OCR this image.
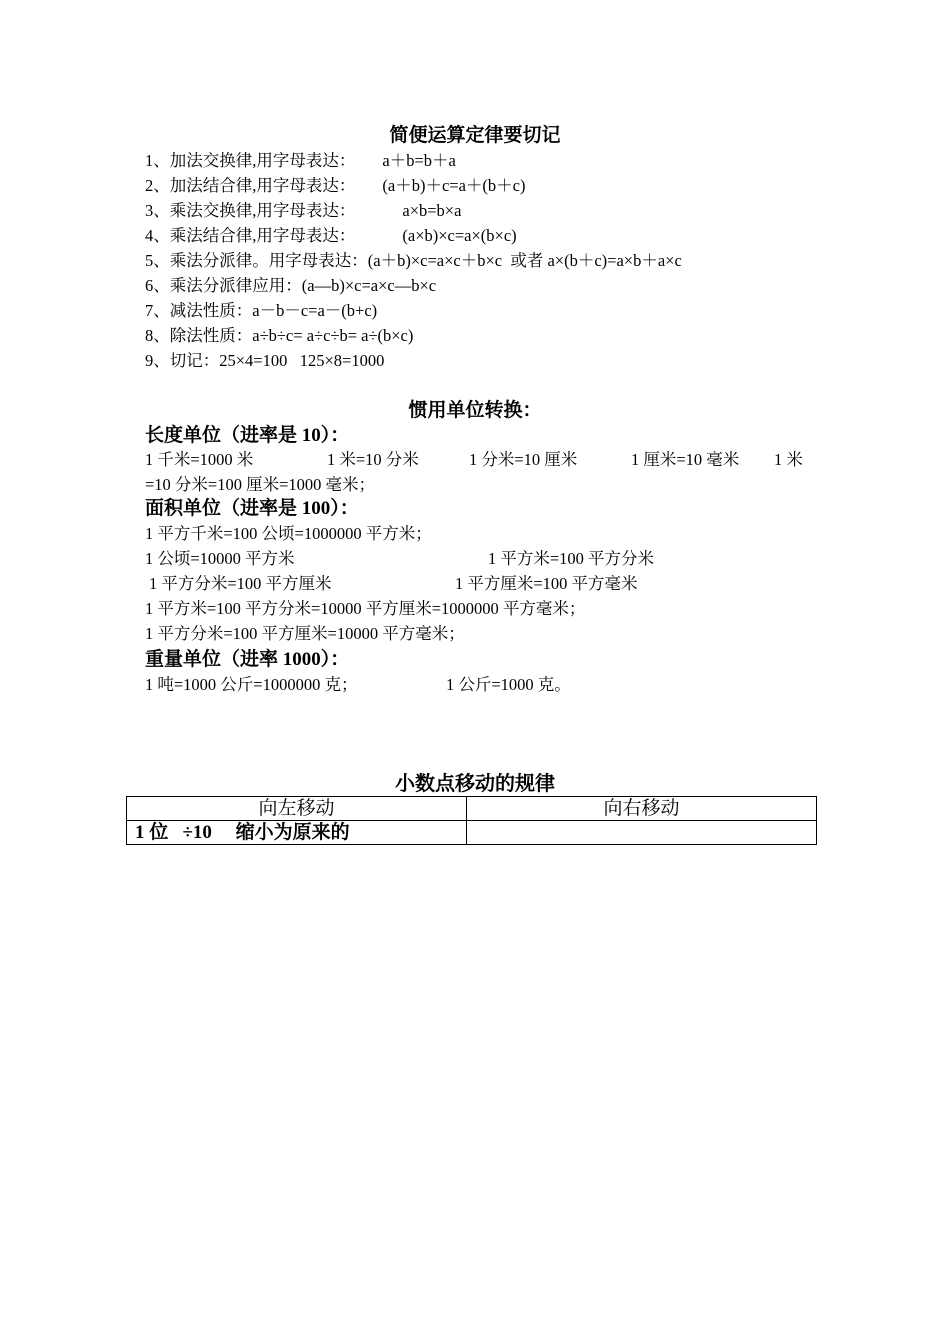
简便运算定律要切记
1、加法交换律,用字母表达： a＋b=b＋a
2、加法结合律,用字母表达： (a＋b)＋c=a＋(b＋c)
3、乘法交换律,用字母表达：	a×b=b×a
4、乘法结合律,用字母表达：	(a×b)×c=a×(b×c)
5、乘法分派律。用字母表达：(a＋b)×c=a×c＋b×c  或者 a×(b＋c)=a×b＋a×c
6、乘法分派律应用：(a—b)×c=a×c—b×c
7、减法性质：a－b－c=a－(b+c)
8、除法性质：a÷b÷c= a÷c÷b= a÷(b×c)
9、切记：25×4=100   125×8=1000
惯用单位转换：
长度单位（进率是 10）：
1 千米=1000 米	1 米=10 分米	1 分米=10 厘米	1 厘米=10 毫米 1 米
=10 分米=100 厘米=1000 毫米；
面积单位（进率是 100）：
1 平方千米=100 公顷=1000000 平方米；
1 公顷=10000 平方米	1 平方米=100 平方分米
1 平方分米=100 平方厘米	1 平方厘米=100 平方毫米
1 平方米=100 平方分米=10000 平方厘米=1000000 平方毫米；
1 平方分米=100 平方厘米=10000 平方毫米；
重量单位（进率 1000）：
1 吨=1000 公斤=1000000 克；	1 公斤=1000 克。
小数点移动的规律
向左移动	向右移动
1 位   ÷10     缩小为原来的	
